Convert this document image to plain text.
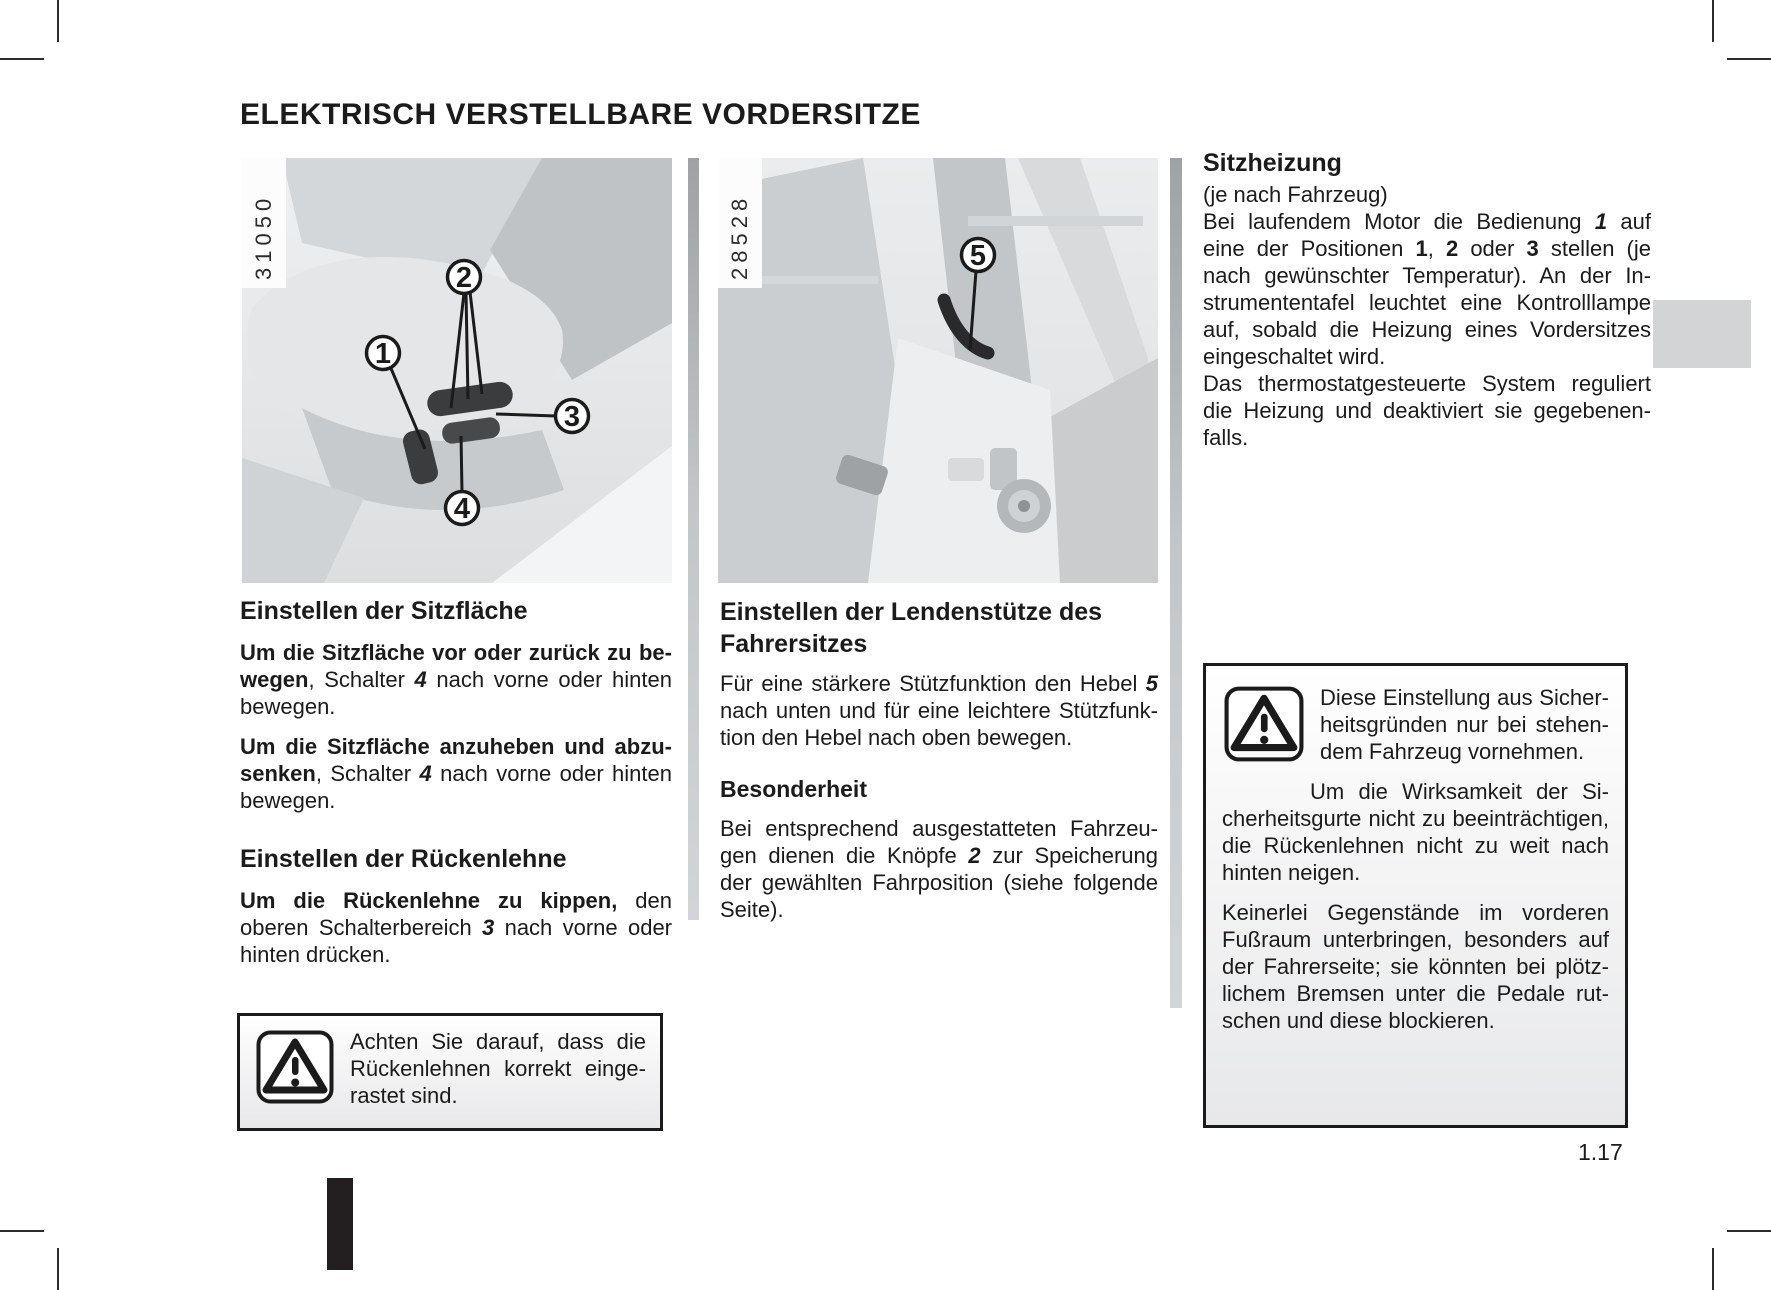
ELEKTRISCH VERSTELLBARE VORDERSITZE
2
1
3
4
31050	5
28528
Einstellen der Sitzfläche

Um die Sitzfläche vor oder zurück zu bewegen, Schalter 4 nach vorne oder hinten bewegen.

Um die Sitzfläche anzuheben und abzusenken, Schalter 4 nach vorne oder hinten bewegen.

Einstellen der Rückenlehne

Um die Rückenlehne zu kippen, den oberen Schalterbereich 3 nach vorne oder hinten drücken.

Achten Sie darauf, dass die Rückenlehnen korrekt eingerastet sind.

Einstellen der Lendenstütze des Fahrersitzes

Für eine stärkere Stützfunktion den Hebel 5 nach unten und für eine leichtere Stützfunktion den Hebel nach oben bewegen.

Besonderheit

Bei entsprechend ausgestatteten Fahrzeugen dienen die Knöpfe 2 zur Speicherung der gewählten Fahrposition (siehe folgende Seite).

Sitzheizung

(je nach Fahrzeug)

Bei laufendem Motor die Bedienung 1 auf eine der Positionen 1, 2 oder 3 stellen (je nach gewünschter Temperatur). An der Instrumententafel leuchtet eine Kontrolllampe auf, sobald die Heizung eines Vordersitzes eingeschaltet wird.

Das thermostatgesteuerte System reguliert die Heizung und deaktiviert sie gegebenenfalls.

Diese Einstellung aus Sicherheitsgründen nur bei stehendem Fahrzeug vornehmen.

Um die Wirksamkeit der Sicherheitsgurte nicht zu beeinträchtigen, die Rückenlehnen nicht zu weit nach hinten neigen.

Keinerlei Gegenstände im vorderen Fußraum unterbringen, besonders auf der Fahrerseite; sie könnten bei plötzlichem Bremsen unter die Pedale rutschen und diese blockieren.

1.17
